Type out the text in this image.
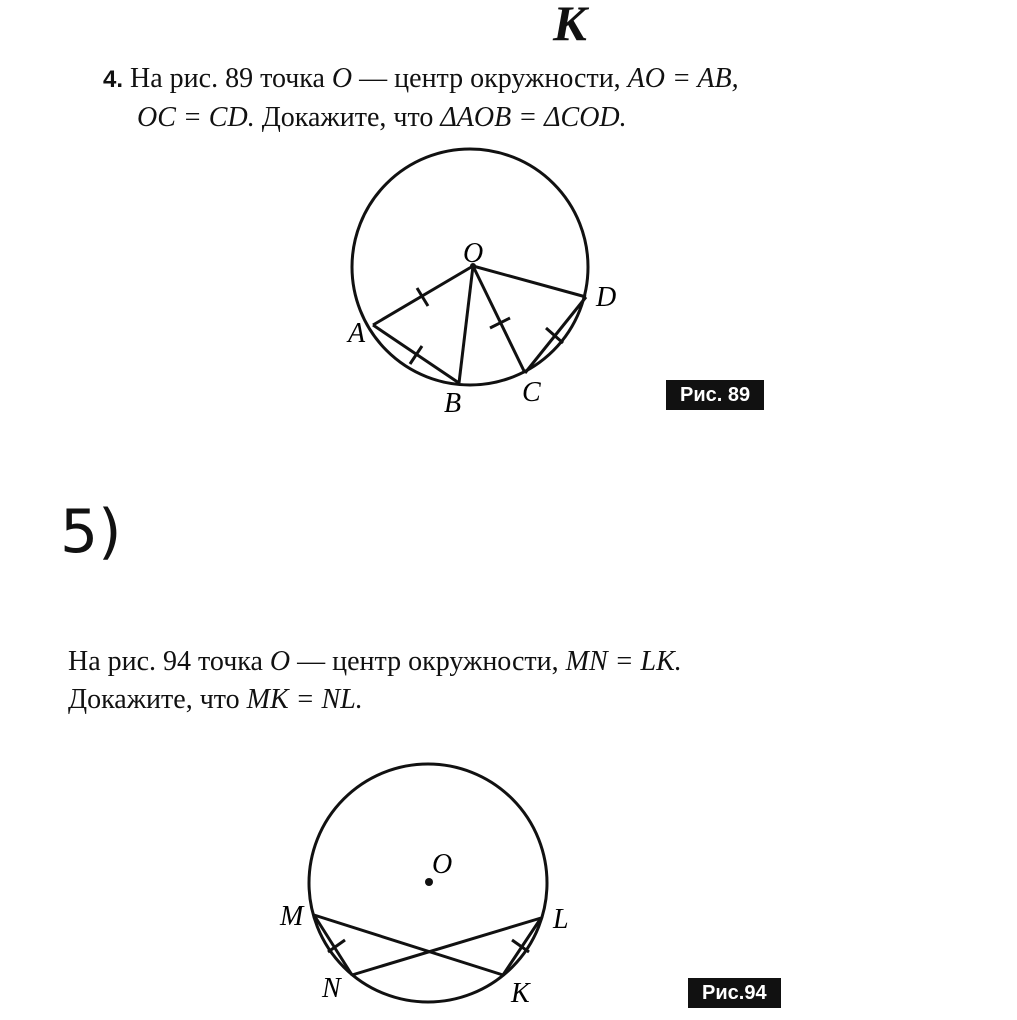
К
4. На рис. 89 точка O — центр окружности, AO = AB,
OC = CD. Докажите, что ΔAOB = ΔCOD.
O
A
B C
D
O
M	L
N	K
Рис. 89
5)
На рис. 94 точка O — центр окружности, MN = LK.
Докажите, что MK = NL.
Рис.94
